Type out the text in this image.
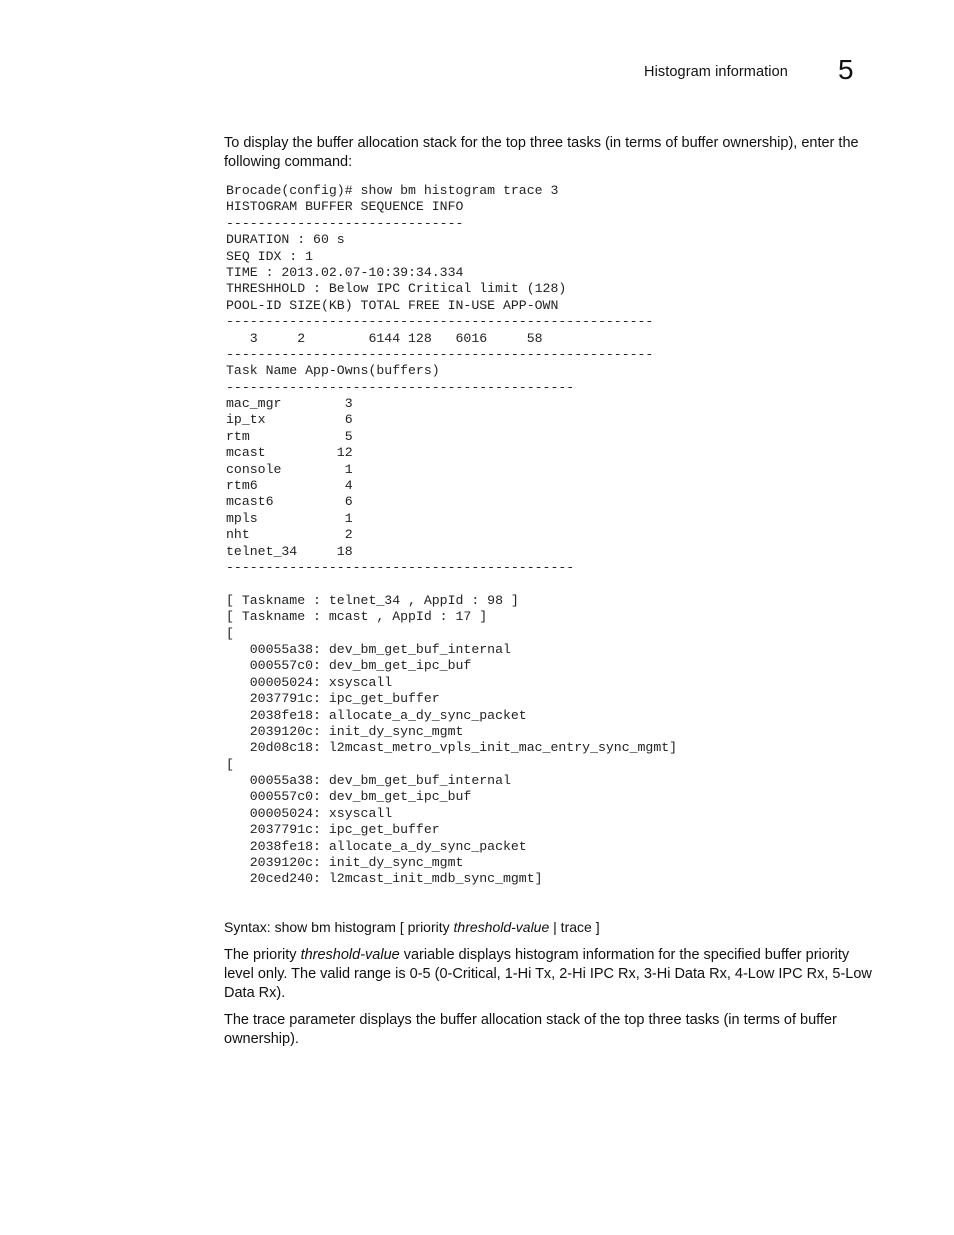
Histogram information 5
To display the buffer allocation stack for the top three tasks (in terms of buffer ownership), enter the following command:
Brocade(config)# show bm histogram trace 3
HISTOGRAM BUFFER SEQUENCE INFO
------------------------------
DURATION : 60 s
SEQ IDX : 1
TIME : 2013.02.07-10:39:34.334
THRESHHOLD : Below IPC Critical limit (128)
POOL-ID SIZE(KB) TOTAL FREE IN-USE APP-OWN
------------------------------------------------------
3     2        6144 128   6016     58
------------------------------------------------------
Task Name App-Owns(buffers)
--------------------------------------------
mac_mgr        3
ip_tx          6
rtm            5
mcast         12
console        1
rtm6           4
mcast6         6
mpls           1
nht            2
telnet_34     18
--------------------------------------------
[ Taskname : telnet_34 , AppId : 98 ]
[ Taskname : mcast , AppId : 17 ]
[
00055a38: dev_bm_get_buf_internal
000557c0: dev_bm_get_ipc_buf
00005024: xsyscall
2037791c: ipc_get_buffer
2038fe18: allocate_a_dy_sync_packet
2039120c: init_dy_sync_mgmt
20d08c18: l2mcast_metro_vpls_init_mac_entry_sync_mgmt]
[
00055a38: dev_bm_get_buf_internal
000557c0: dev_bm_get_ipc_buf
00005024: xsyscall
2037791c: ipc_get_buffer
2038fe18: allocate_a_dy_sync_packet
2039120c: init_dy_sync_mgmt
20ced240: l2mcast_init_mdb_sync_mgmt]
Syntax: show bm histogram [ priority threshold-value | trace ]
The priority threshold-value variable displays histogram information for the specified buffer priority level only. The valid range is 0-5 (0-Critical, 1-Hi Tx, 2-Hi IPC Rx, 3-Hi Data Rx, 4-Low IPC Rx, 5-Low Data Rx).
The trace parameter displays the buffer allocation stack of the top three tasks (in terms of buffer ownership).
